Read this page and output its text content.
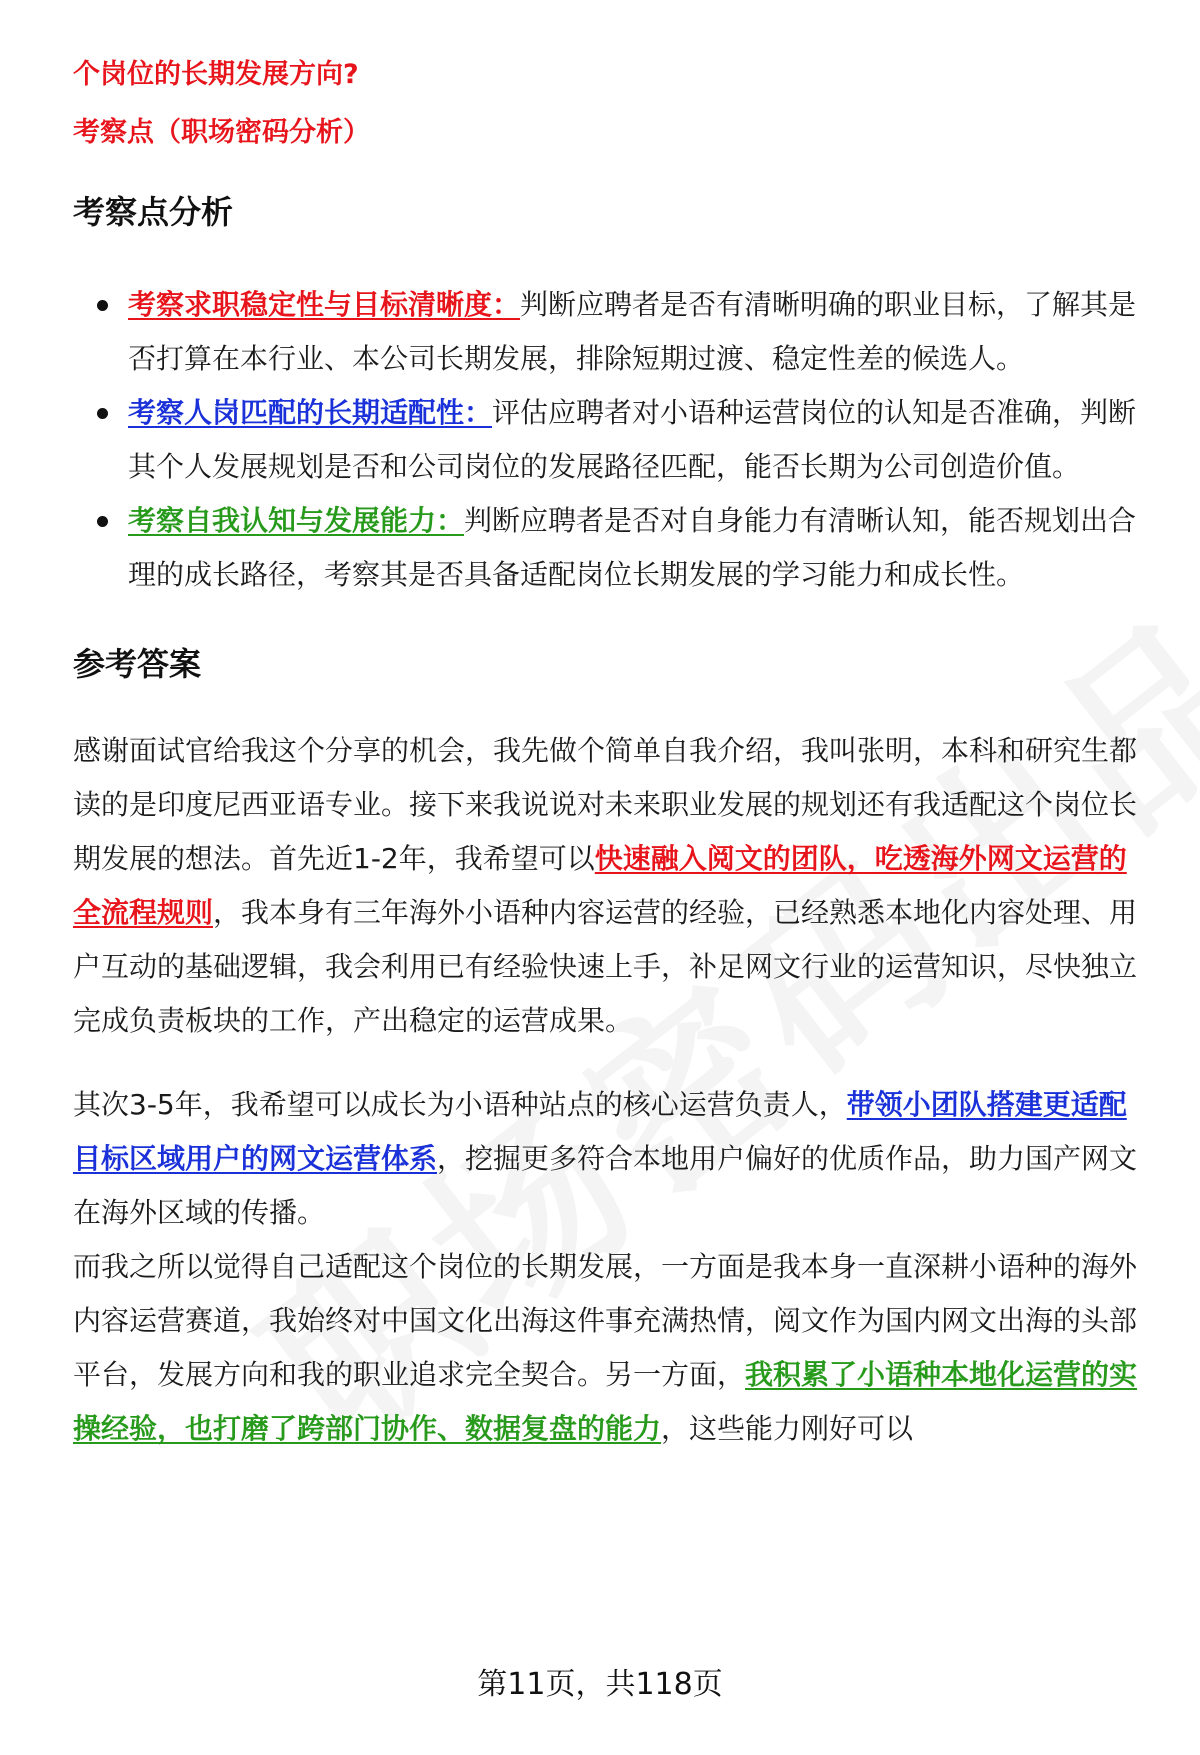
个岗位的长期发展方向?

考察点（职场密码分析）

考察点分析
考察求职稳定性与目标清晰度：判断应聘者是否有清晰明确的职业目标，了解其是否打算在本行业、本公司长期发展，排除短期过渡、稳定性差的候选人。
考察人岗匹配的长期适配性：评估应聘者对小语种运营岗位的认知是否准确，判断其个人发展规划是否和公司岗位的发展路径匹配，能否长期为公司创造价值。
考察自我认知与发展能力：判断应聘者是否对自身能力有清晰认知，能否规划出合理的成长路径，考察其是否具备适配岗位长期发展的学习能力和成长性。
参考答案

感谢面试官给我这个分享的机会，我先做个简单自我介绍，我叫张明，本科和研究生都读的是印度尼西亚语专业。接下来我说说对未来职业发展的规划还有我适配这个岗位长期发展的想法。首先近1-2年，我希望可以快速融入阅文的团队，吃透海外网文运营的全流程规则，我本身有三年海外小语种内容运营的经验，已经熟悉本地化内容处理、用户互动的基础逻辑，我会利用已有经验快速上手，补足网文行业的运营知识，尽快独立完成负责板块的工作，产出稳定的运营成果。

其次3-5年，我希望可以成长为小语种站点的核心运营负责人，带领小团队搭建更适配目标区域用户的网文运营体系，挖掘更多符合本地用户偏好的优质作品，助力国产网文在海外区域的传播。

而我之所以觉得自己适配这个岗位的长期发展，一方面是我本身一直深耕小语种的海外内容运营赛道，我始终对中国文化出海这件事充满热情，阅文作为国内网文出海的头部平台，发展方向和我的职业追求完全契合。另一方面，我积累了小语种本地化运营的实操经验，也打磨了跨部门协作、数据复盘的能力，这些能力刚好可以

第11页，共118页
